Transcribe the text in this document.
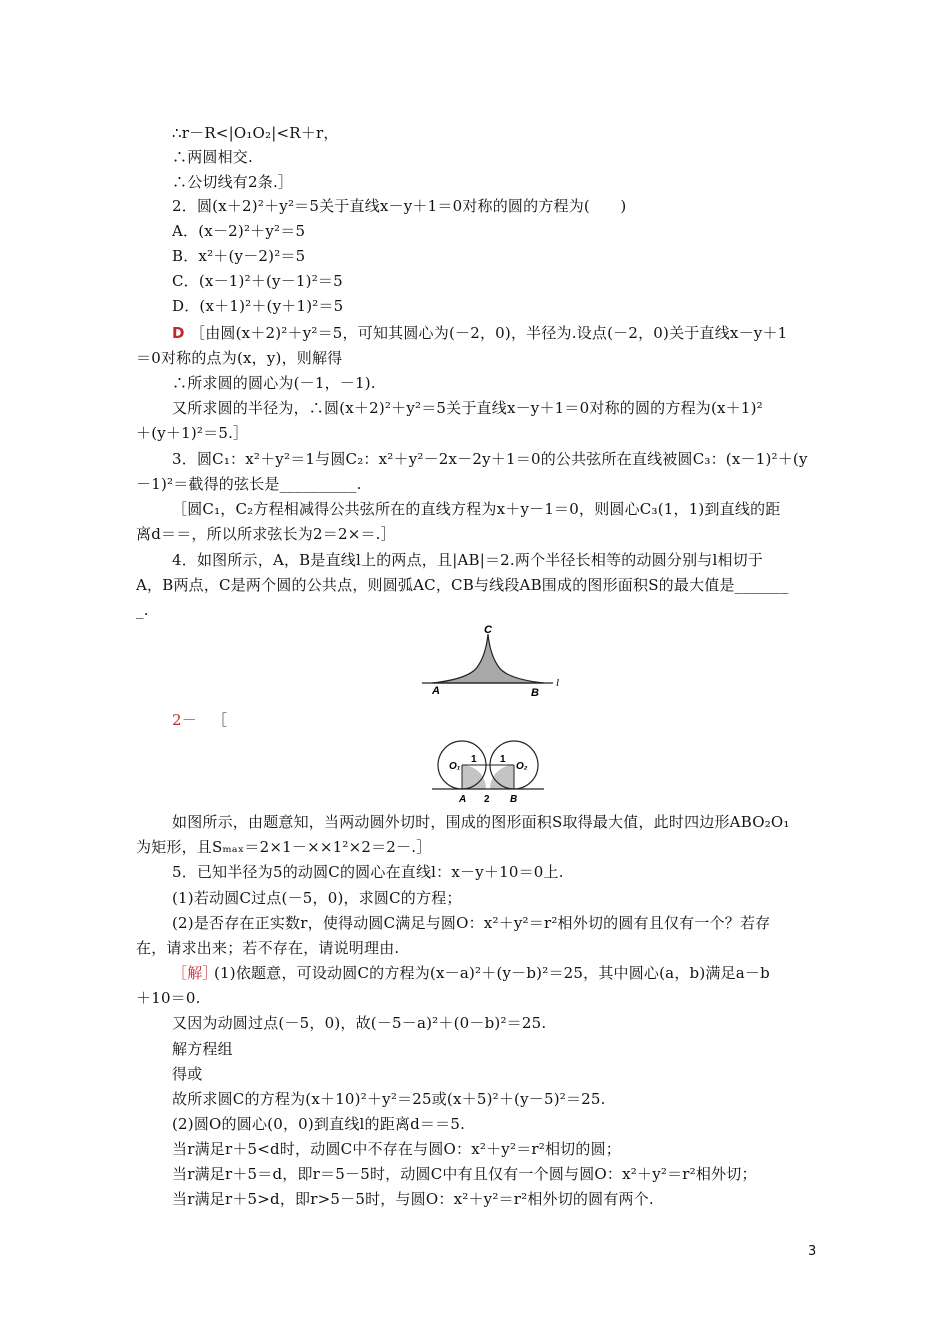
∴r－R<|O₁O₂|<R＋r，
∴两圆相交.
∴公切线有2条.］
2．圆(x＋2)²＋y²＝5关于直线x－y＋1＝0对称的圆的方程为(　　)
A．(x－2)²＋y²＝5
B．x²＋(y－2)²＝5
C．(x－1)²＋(y－1)²＝5
D．(x＋1)²＋(y＋1)²＝5
D ［由圆(x＋2)²＋y²＝5，可知其圆心为(－2，0)，半径为.设点(－2，0)关于直线x－y＋1
＝0对称的点为(x，y)，则解得
∴所求圆的圆心为(－1，－1).
又所求圆的半径为，∴圆(x＋2)²＋y²＝5关于直线x－y＋1＝0对称的圆的方程为(x＋1)²
＋(y＋1)²＝5.］
3．圆C₁：x²＋y²＝1与圆C₂：x²＋y²－2x－2y＋1＝0的公共弦所在直线被圆C₃：(x－1)²＋(y
－1)²＝截得的弦长是__________.
［圆C₁，C₂方程相减得公共弦所在的直线方程为x＋y－1＝0，则圆心C₃(1，1)到直线的距
离d＝＝，所以所求弦长为2＝2×＝.］
4．如图所示，A，B是直线l上的两点，且|AB|＝2.两个半径长相等的动圆分别与l相切于
A，B两点，C是两个圆的公共点，则圆弧AC，CB与线段AB围成的图形面积S的最大值是_______
_.
C
A	B
l
2－ ［
O₁
1 1
O₂
A 2 B
如图所示，由题意知，当两动圆外切时，围成的图形面积S取得最大值，此时四边形ABO₂O₁
为矩形，且Sₘₐₓ＝2×1－××1²×2＝2－.］
5．已知半径为5的动圆C的圆心在直线l：x－y＋10＝0上.
(1)若动圆C过点(－5，0)，求圆C的方程；
(2)是否存在正实数r，使得动圆C满足与圆O：x²＋y²＝r²相外切的圆有且仅有一个？若存
在，请求出来；若不存在，请说明理由.
［解］
(1)依题意，可设动圆C的方程为(x－a)²＋(y－b)²＝25，其中圆心(a，b)满足a－b
＋10＝0.
又因为动圆过点(－5，0)，故(－5－a)²＋(0－b)²＝25.
解方程组
得或
故所求圆C的方程为(x＋10)²＋y²＝25或(x＋5)²＋(y－5)²＝25.
(2)圆O的圆心(0，0)到直线l的距离d＝＝5.
当r满足r＋5<d时，动圆C中不存在与圆O：x²＋y²＝r²相切的圆；
当r满足r＋5＝d，即r＝5－5时，动圆C中有且仅有一个圆与圆O：x²＋y²＝r²相外切；
当r满足r＋5>d，即r>5－5时，与圆O：x²＋y²＝r²相外切的圆有两个.
3
